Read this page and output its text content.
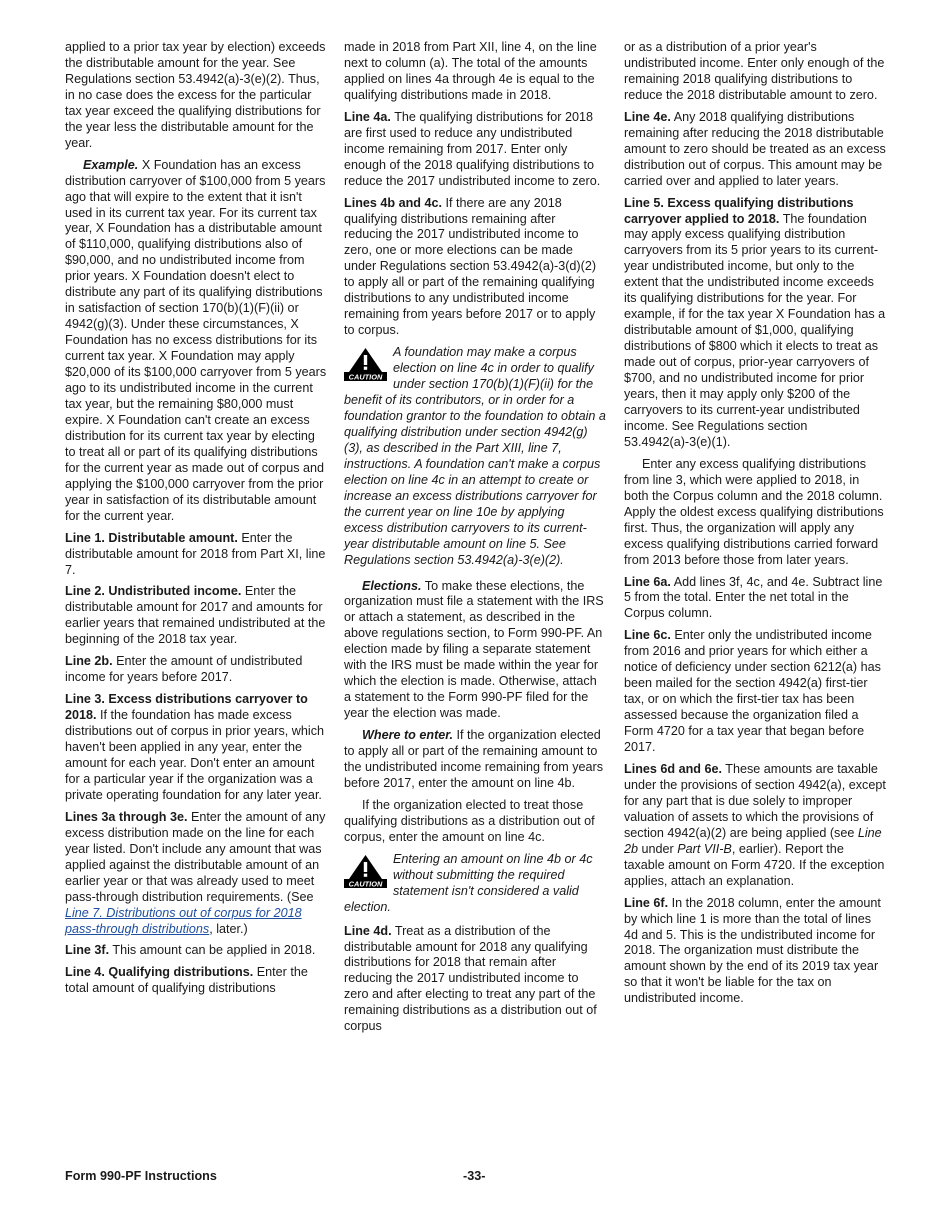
applied to a prior tax year by election) exceeds the distributable amount for the year. See Regulations section 53.4942(a)-3(e)(2). Thus, in no case does the excess for the particular tax year exceed the qualifying distributions for the year less the distributable amount for the year.

Example. X Foundation has an excess distribution carryover of $100,000 from 5 years ago that will expire to the extent that it isn't used in its current tax year. For its current tax year, X Foundation has a distributable amount of $110,000, qualifying distributions also of $90,000, and no undistributed income from prior years. X Foundation doesn't elect to distribute any part of its qualifying distributions in satisfaction of section 170(b)(1)(F)(ii) or 4942(g)(3). Under these circumstances, X Foundation has no excess distributions for its current tax year. X Foundation may apply $20,000 of its $100,000 carryover from 5 years ago to its undistributed income in the current tax year, but the remaining $80,000 must expire. X Foundation can't create an excess distribution for its current tax year by electing to treat all or part of its qualifying distributions for the current year as made out of corpus and applying the $100,000 carryover from the prior year in satisfaction of its distributable amount for the current year.

Line 1. Distributable amount. Enter the distributable amount for 2018 from Part XI, line 7.

Line 2. Undistributed income. Enter the distributable amount for 2017 and amounts for earlier years that remained undistributed at the beginning of the 2018 tax year.

Line 2b. Enter the amount of undistributed income for years before 2017.

Line 3. Excess distributions carryover to 2018. If the foundation has made excess distributions out of corpus in prior years, which haven't been applied in any year, enter the amount for each year. Don't enter an amount for a particular year if the organization was a private operating foundation for any later year.

Lines 3a through 3e. Enter the amount of any excess distribution made on the line for each year listed. Don't include any amount that was applied against the distributable amount of an earlier year or that was already used to meet pass-through distribution requirements. (See Line 7. Distributions out of corpus for 2018 pass-through distributions, later.)

Line 3f. This amount can be applied in 2018.

Line 4. Qualifying distributions. Enter the total amount of qualifying distributions

made in 2018 from Part XII, line 4, on the line next to column (a). The total of the amounts applied on lines 4a through 4e is equal to the qualifying distributions made in 2018.

Line 4a. The qualifying distributions for 2018 are first used to reduce any undistributed income remaining from 2017. Enter only enough of the 2018 qualifying distributions to reduce the 2017 undistributed income to zero.

Lines 4b and 4c. If there are any 2018 qualifying distributions remaining after reducing the 2017 undistributed income to zero, one or more elections can be made under Regulations section 53.4942(a)-3(d)(2) to apply all or part of the remaining qualifying distributions to any undistributed income remaining from years before 2017 or to apply to corpus.

CAUTION
A foundation may make a corpus election on line 4c in order to qualify under section 170(b)(1)(F)(ii) for the benefit of its contributors, or in order for a foundation grantor to the foundation to obtain a qualifying distribution under section 4942(g)(3), as described in the Part XIII, line 7, instructions. A foundation can't make a corpus election on line 4c in an attempt to create or increase an excess distributions carryover for the current year on line 10e by applying excess distribution carryovers to its current-year distributable amount on line 5. See Regulations section 53.4942(a)-3(e)(2).

Elections. To make these elections, the organization must file a statement with the IRS or attach a statement, as described in the above regulations section, to Form 990-PF. An election made by filing a separate statement with the IRS must be made within the year for which the election is made. Otherwise, attach a statement to the Form 990-PF filed for the year the election was made.

Where to enter. If the organization elected to apply all or part of the remaining amount to the undistributed income remaining from years before 2017, enter the amount on line 4b.

If the organization elected to treat those qualifying distributions as a distribution out of corpus, enter the amount on line 4c.

CAUTION
Entering an amount on line 4b or 4c without submitting the required statement isn't considered a valid election.

Line 4d. Treat as a distribution of the distributable amount for 2018 any qualifying distributions for 2018 that remain after reducing the 2017 undistributed income to zero and after electing to treat any part of the remaining distributions as a distribution out of corpus

or as a distribution of a prior year's undistributed income. Enter only enough of the remaining 2018 qualifying distributions to reduce the 2018 distributable amount to zero.

Line 4e. Any 2018 qualifying distributions remaining after reducing the 2018 distributable amount to zero should be treated as an excess distribution out of corpus. This amount may be carried over and applied to later years.

Line 5. Excess qualifying distributions carryover applied to 2018. The foundation may apply excess qualifying distribution carryovers from its 5 prior years to its current-year undistributed income, but only to the extent that the undistributed income exceeds its qualifying distributions for the year. For example, if for the tax year X Foundation has a distributable amount of $1,000, qualifying distributions of $800 which it elects to treat as made out of corpus, prior-year carryovers of $700, and no undistributed income for prior years, then it may apply only $200 of the carryovers to its current-year undistributed income. See Regulations section 53.4942(a)-3(e)(1).

Enter any excess qualifying distributions from line 3, which were applied to 2018, in both the Corpus column and the 2018 column. Apply the oldest excess qualifying distributions first. Thus, the organization will apply any excess qualifying distributions carried forward from 2013 before those from later years.

Line 6a. Add lines 3f, 4c, and 4e. Subtract line 5 from the total. Enter the net total in the Corpus column.

Line 6c. Enter only the undistributed income from 2016 and prior years for which either a notice of deficiency under section 6212(a) has been mailed for the section 4942(a) first-tier tax, or on which the first-tier tax has been assessed because the organization filed a Form 4720 for a tax year that began before 2017.

Lines 6d and 6e. These amounts are taxable under the provisions of section 4942(a), except for any part that is due solely to improper valuation of assets to which the provisions of section 4942(a)(2) are being applied (see Line 2b under Part VII-B, earlier). Report the taxable amount on Form 4720. If the exception applies, attach an explanation.

Line 6f. In the 2018 column, enter the amount by which line 1 is more than the total of lines 4d and 5. This is the undistributed income for 2018. The organization must distribute the amount shown by the end of its 2019 tax year so that it won't be liable for the tax on undistributed income.

Form 990-PF Instructions	-33-
